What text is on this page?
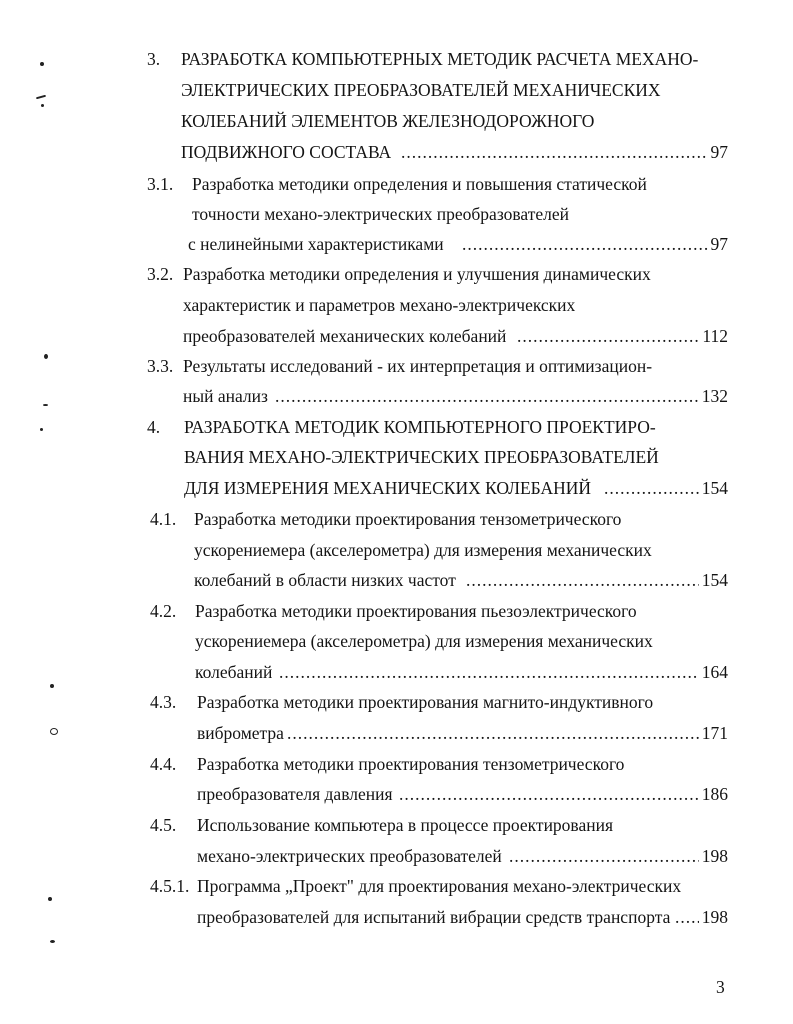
3. РАЗРАБОТКА КОМПЬЮТЕРНЫХ МЕТОДИК РАСЧЕТА МЕХАНО-
ЭЛЕКТРИЧЕСКИХ ПРЕОБРАЗОВАТЕЛЕЙ МЕХАНИЧЕСКИХ
КОЛЕБАНИЙ ЭЛЕМЕНТОВ ЖЕЛЕЗНОДОРОЖНОГО
ПОДВИЖНОГО СОСТАВА .....	97
3.1. Разработка методики определения и повышения статической
точности механо-электрических преобразователей
с нелинейными характеристиками .....	97
3.2. Разработка методики определения и улучшения динамических
характеристик и параметров механо-электричекских
преобразователей механических колебаний .....	112
3.3. Результаты исследований - их интерпретация и оптимизацион-
ный анализ .....	132
4. РАЗРАБОТКА МЕТОДИК КОМПЬЮТЕРНОГО ПРОЕКТИРО-
ВАНИЯ МЕХАНО-ЭЛЕКТРИЧЕСКИХ ПРЕОБРАЗОВАТЕЛЕЙ
ДЛЯ ИЗМЕРЕНИЯ МЕХАНИЧЕСКИХ КОЛЕБАНИЙ .....	154
4.1. Разработка методики проектирования тензометрического
ускорениемера (акселерометра) для измерения механических
колебаний в области низких частот .....	154
4.2. Разработка методики проектирования пьезоэлектрического
ускорениемера (акселерометра) для измерения механических
колебаний .....	164
4.3. Разработка методики проектирования магнито-индуктивного
виброметра .....	171
4.4. Разработка методики проектирования тензометрического
преобразователя давления .....	186
4.5. Использование компьютера в процессе проектирования
механо-электрических преобразователей .....	198
4.5.1. Программа „Проект" для проектирования механо-электрических
преобразователей для испытаний вибрации средств транспорта ..... 198
3
